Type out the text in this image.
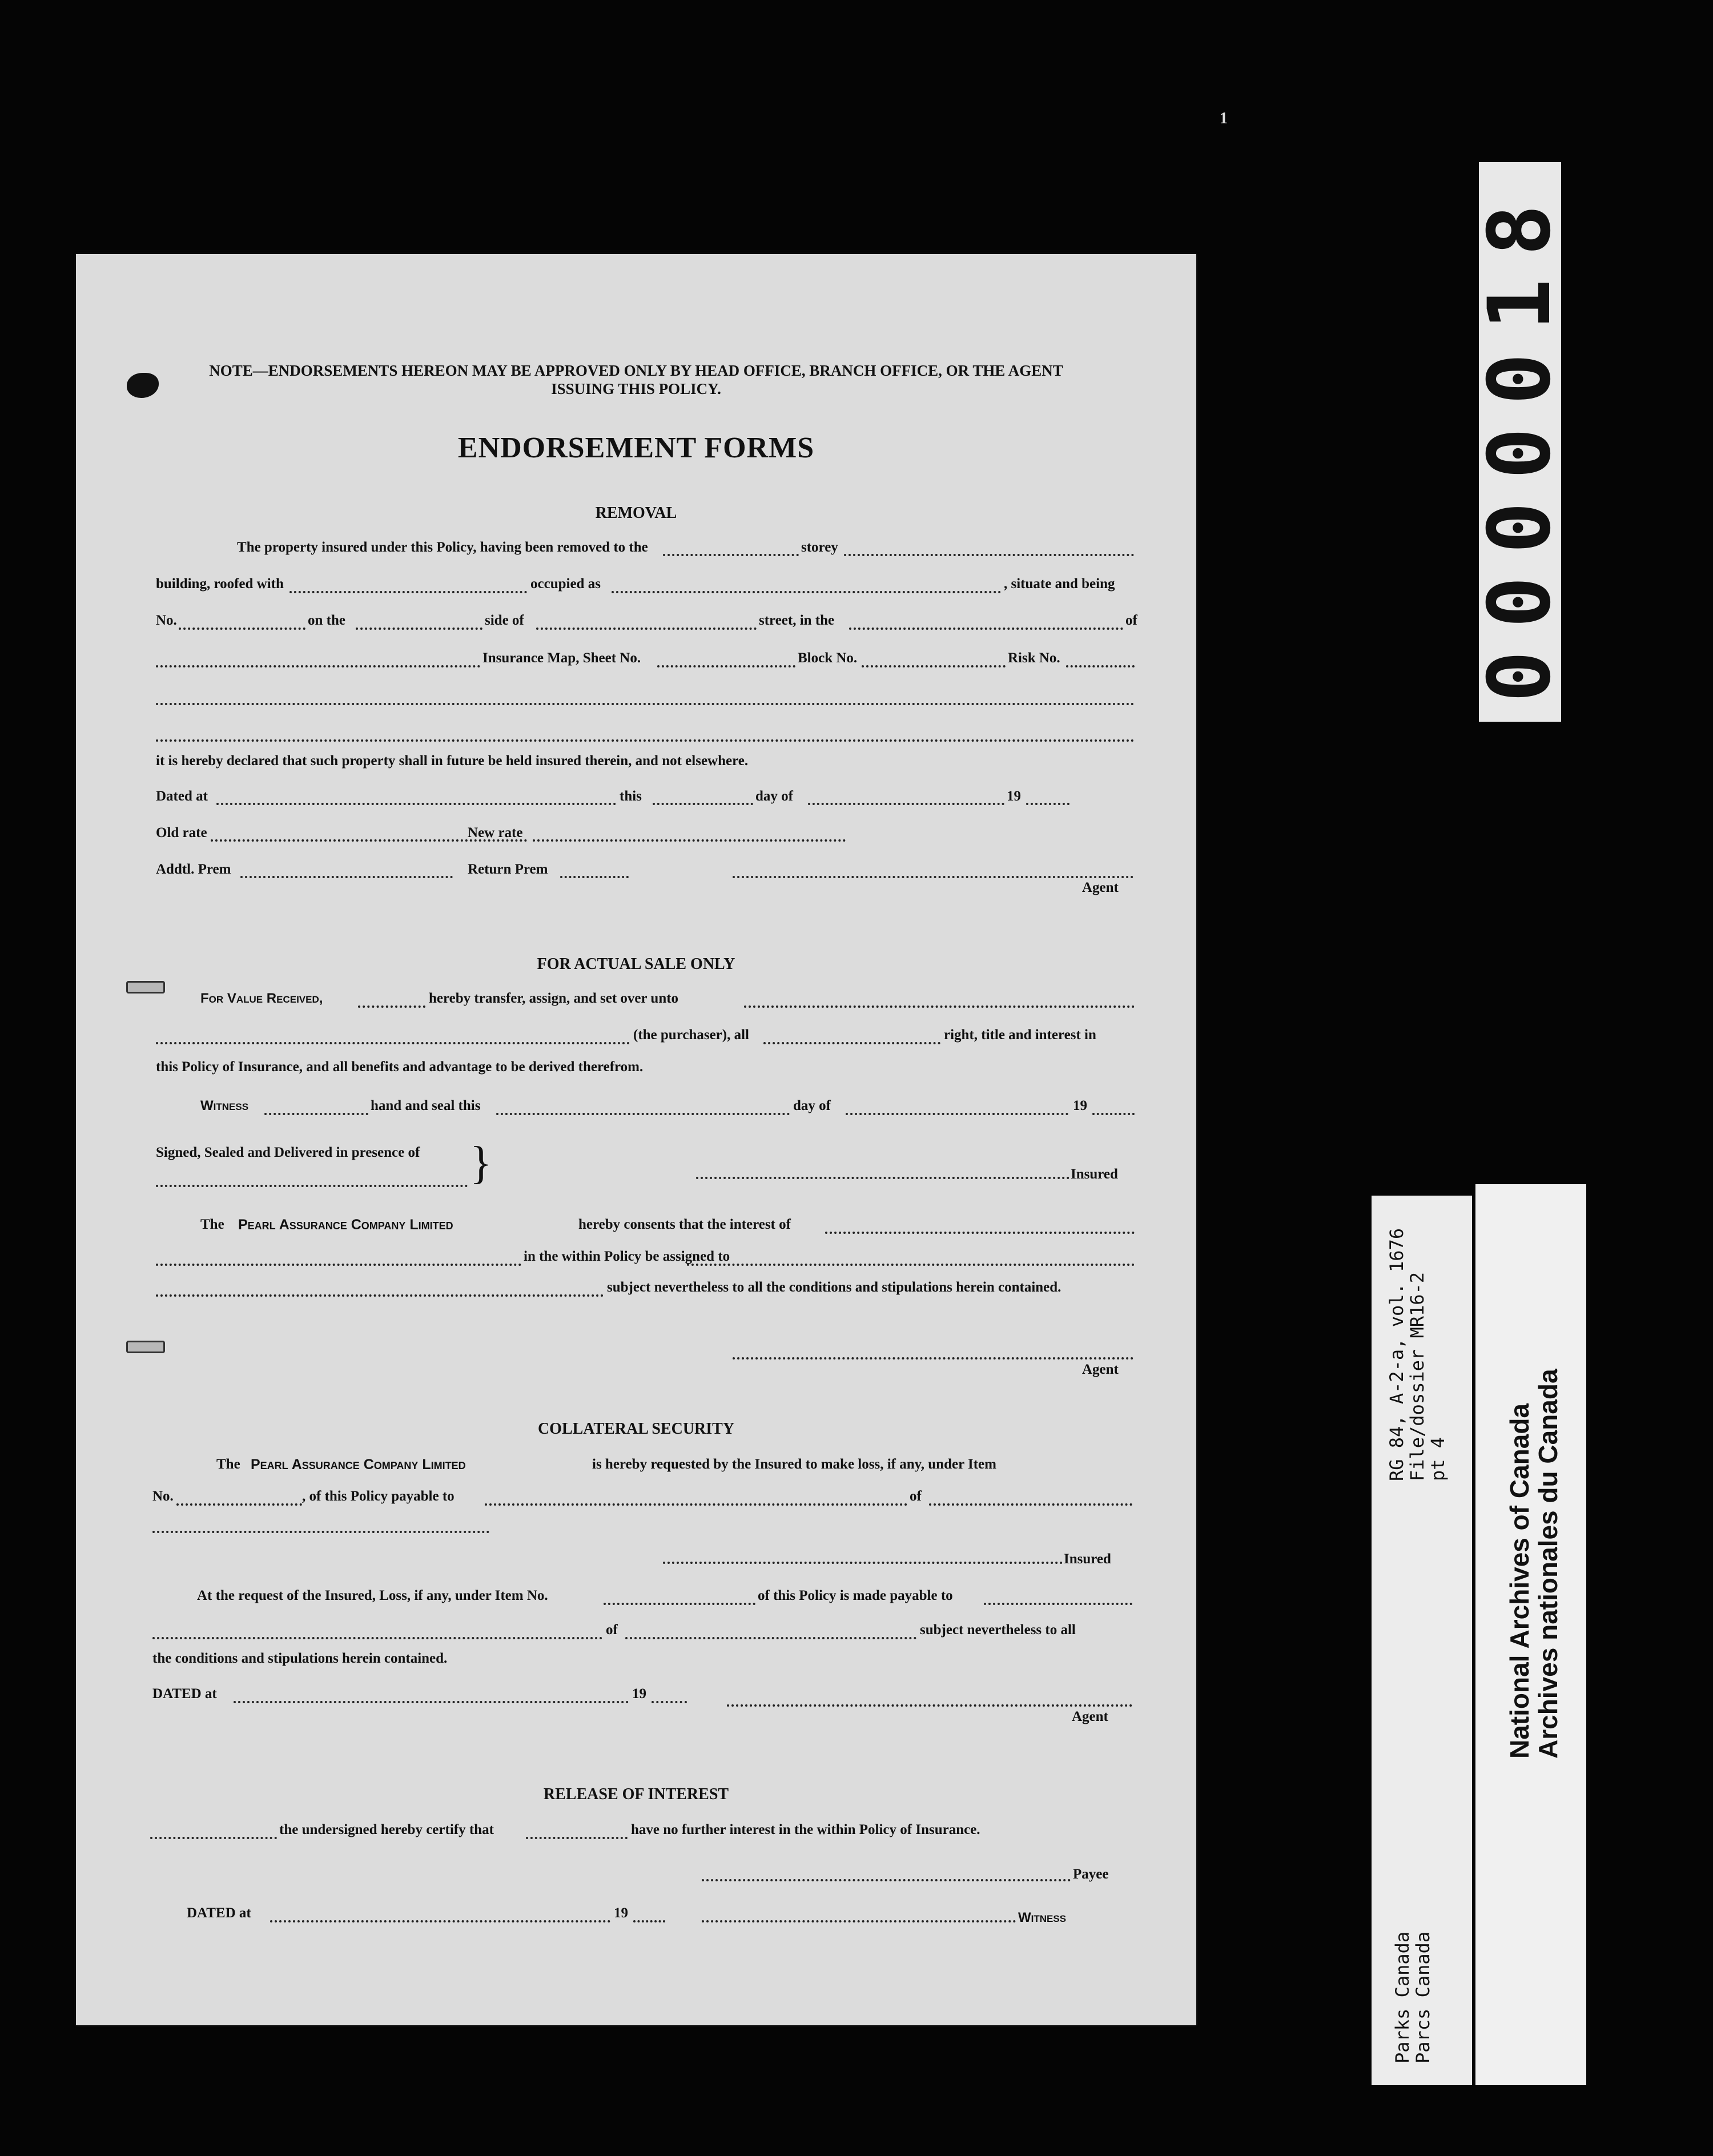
1
0000018
NOTE—ENDORSEMENTS HEREON MAY BE APPROVED ONLY BY HEAD OFFICE, BRANCH OFFICE, OR THE AGENT
ISSUING THIS POLICY.
ENDORSEMENT FORMS
REMOVAL
The property insured under this Policy, having been removed to the	storey
building, roofed with	occupied as	, situate and being
No.	on the	side of	street, in the	of
Insurance Map, Sheet No.	Block No.	Risk No.
it is hereby declared that such property shall in future be held insured therein, and not elsewhere.
Dated at	this	day of	19
Old rate	New rate
Addtl. Prem	Return Prem
Agent
FOR ACTUAL SALE ONLY
For Value Received,	hereby transfer, assign, and set over unto
(the purchaser), all	right, title and interest in
this Policy of Insurance, and all benefits and advantage to be derived therefrom.
Witness	hand and seal this	day of	19
Signed, Sealed and Delivered in presence of }	Insured
The Pearl Assurance Company Limited	hereby consents that the interest of
in the within Policy be assigned to
subject nevertheless to all the conditions and stipulations herein contained.
Agent
COLLATERAL SECURITY
The Pearl Assurance Company Limited	is hereby requested by the Insured to make loss, if any, under Item
No.	, of this Policy payable to	of
Insured
At the request of the Insured, Loss, if any, under Item No.	of this Policy is made payable to
of	subject nevertheless to all
the conditions and stipulations herein contained.
DATED at	19
Agent
RELEASE OF INTEREST
the undersigned hereby certify that	have no further interest in the within Policy of Insurance.
Payee
DATED at	19	Witness
RG 84, A-2-a, vol. 1676
File/dossier MR16-2
pt 4
Parks Canada
Parcs Canada
National Archives of Canada
Archives nationales du Canada
